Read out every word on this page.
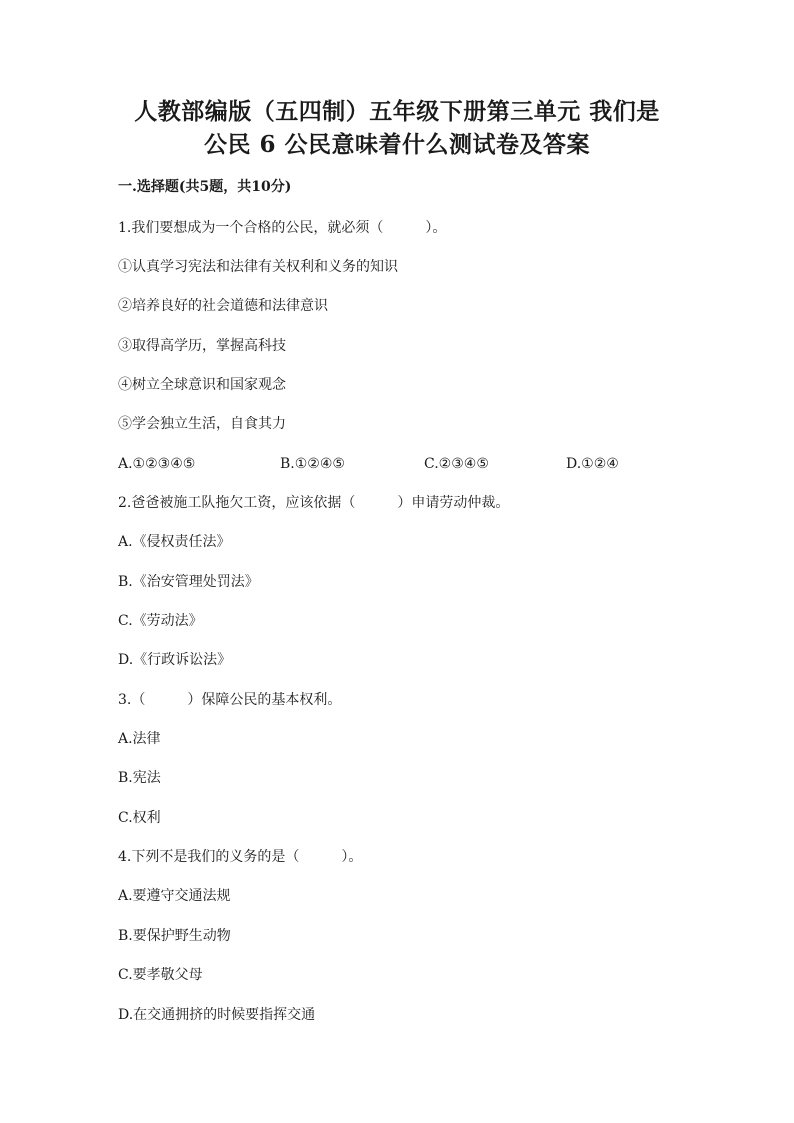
人教部编版（五四制）五年级下册第三单元 我们是
公民 6 公民意味着什么测试卷及答案
一.选择题(共5题，共10分)
1.我们要想成为一个合格的公民，就必须（　　　）。
①认真学习宪法和法律有关权利和义务的知识
②培养良好的社会道德和法律意识
③取得高学历，掌握高科技
④树立全球意识和国家观念
⑤学会独立生活，自食其力
A.①②③④⑤	B.①②④⑤	C.②③④⑤	D.①②④
2.爸爸被施工队拖欠工资，应该依据（　　　）申请劳动仲裁。
A.《侵权责任法》
B.《治安管理处罚法》
C.《劳动法》
D.《行政诉讼法》
3.（　　　）保障公民的基本权利。
A.法律
B.宪法
C.权利
4.下列不是我们的义务的是（　　　）。
A.要遵守交通法规
B.要保护野生动物
C.要孝敬父母
D.在交通拥挤的时候要指挥交通
